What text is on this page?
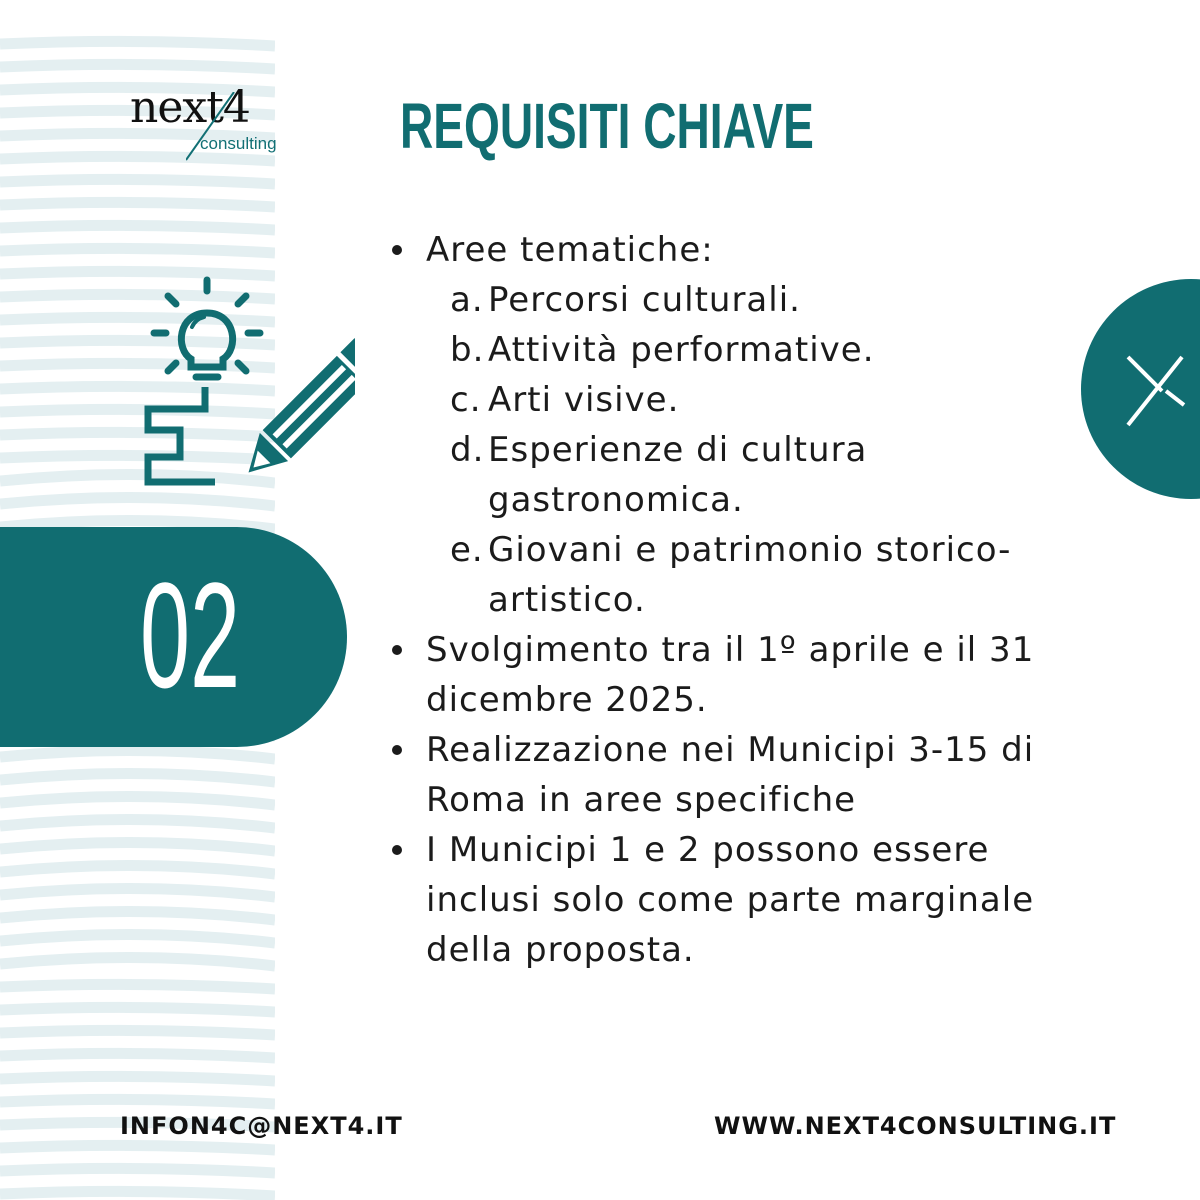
next4
consulting REQUISITI CHIAVE
02
Aree tematiche:
a. Percorsi culturali.
b. Attività performative.
c. Arti visive.
d. Esperienze di cultura
gastronomica.
e. Giovani e patrimonio storico-
artistico.
Svolgimento tra il 1º aprile e il 31
dicembre 2025.
Realizzazione nei Municipi 3-15 di
Roma in aree specifiche
I Municipi 1 e 2 possono essere
inclusi solo come parte marginale
della proposta.
INFON4C@NEXT4.IT	WWW.NEXT4CONSULTING.IT
